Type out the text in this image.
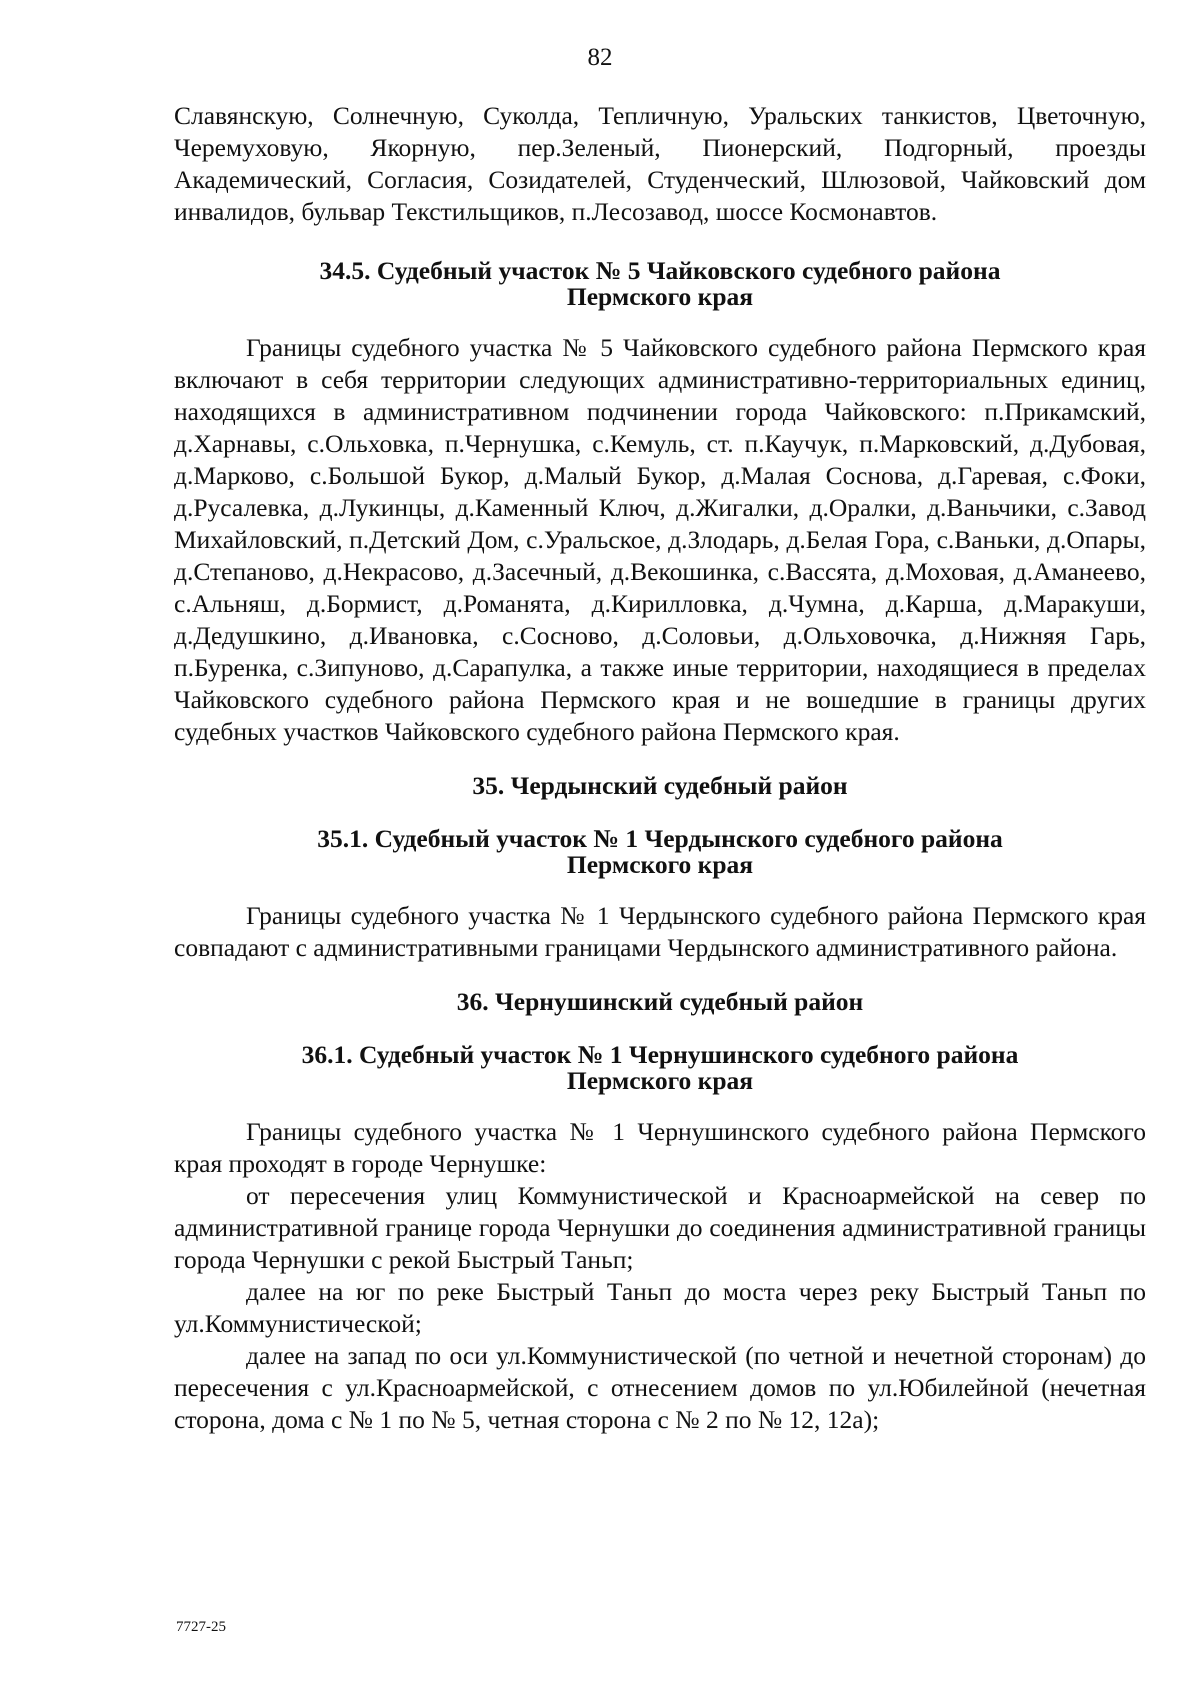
82

Славянскую, Солнечную, Суколда, Тепличную, Уральских танкистов, Цветочную, Черемуховую, Якорную, пер.Зеленый, Пионерский, Подгорный, проезды Академический, Согласия, Созидателей, Студенческий, Шлюзовой, Чайковский дом инвалидов, бульвар Текстильщиков, п.Лесозавод, шоссе Космонавтов.

34.5. Судебный участок № 5 Чайковского судебного района
Пермского края

Границы судебного участка № 5 Чайковского судебного района Пермского края включают в себя территории следующих административно-территориальных единиц, находящихся в административном подчинении города Чайковского: п.Прикамский, д.Харнавы, с.Ольховка, п.Чернушка, с.Кемуль, ст. п.Каучук, п.Марковский, д.Дубовая, д.Марково, с.Большой Букор, д.Малый Букор, д.Малая Соснова, д.Гаревая, с.Фоки, д.Русалевка, д.Лукинцы, д.Каменный Ключ, д.Жигалки, д.Оралки, д.Ваньчики, с.Завод Михайловский, п.Детский Дом, с.Уральское, д.Злодарь, д.Белая Гора, с.Ваньки, д.Опары, д.Степаново, д.Некрасово, д.Засечный, д.Векошинка, с.Вассята, д.Моховая, д.Аманеево, с.Альняш, д.Бормист, д.Романята, д.Кирилловка, д.Чумна, д.Карша, д.Маракуши, д.Дедушкино, д.Ивановка, с.Сосново, д.Соловьи, д.Ольховочка, д.Нижняя Гарь, п.Буренка, с.Зипуново, д.Сарапулка, а также иные территории, находящиеся в пределах Чайковского судебного района Пермского края и не вошедшие в границы других судебных участков Чайковского судебного района Пермского края.

35. Чердынский судебный район
35.1. Судебный участок № 1 Чердынского судебного района
Пермского края

Границы судебного участка № 1 Чердынского судебного района Пермского края совпадают с административными границами Чердынского административного района.

36. Чернушинский судебный район
36.1. Судебный участок № 1 Чернушинского судебного района
Пермского края

Границы судебного участка № 1 Чернушинского судебного района Пермского края проходят в городе Чернушке:

от пересечения улиц Коммунистической и Красноармейской на север по административной границе города Чернушки до соединения административной границы города Чернушки с рекой Быстрый Таньп;

далее на юг по реке Быстрый Таньп до моста через реку Быстрый Таньп по ул.Коммунистической;

далее на запад по оси ул.Коммунистической (по четной и нечетной сторонам) до пересечения с ул.Красноармейской, с отнесением домов по ул.Юбилейной (нечетная сторона, дома с № 1 по № 5, четная сторона с № 2 по № 12, 12а);

7727-25
